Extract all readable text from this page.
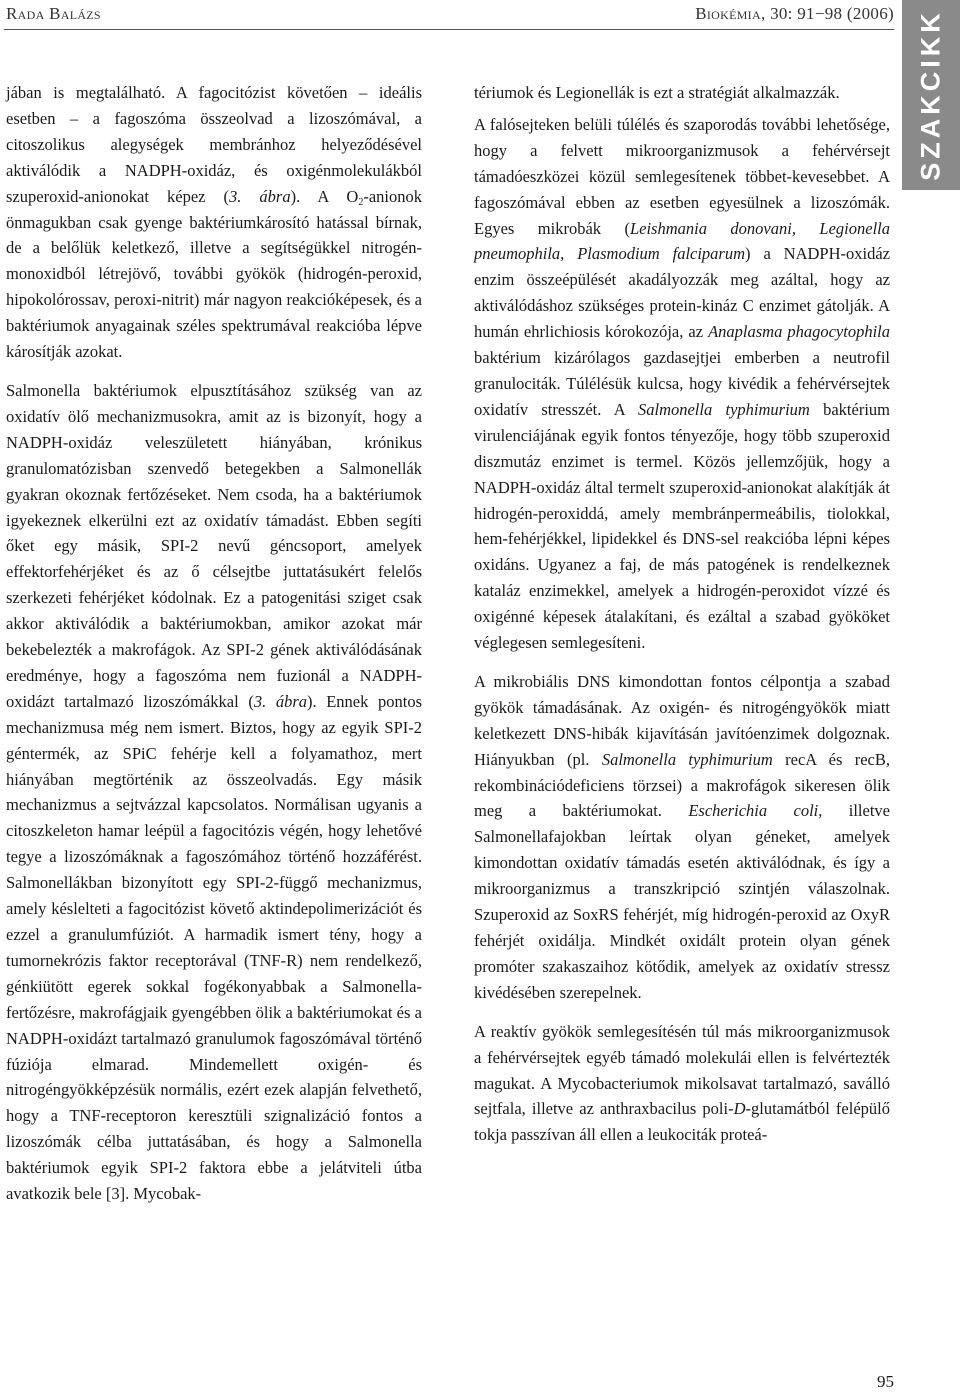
Rada Balázs	Biokémia, 30: 91−98 (2006) SZAKCIKK

jában is megtalálható. A fagocitózist követően – ideális esetben – a fagoszóma összeolvad a lizoszómával, a citoszolikus alegységek membránhoz helyeződésével aktiválódik a NADPH-oxidáz, és oxigénmolekulákból szuperoxid-anionokat képez (3. ábra). A $O_2$-anionok önmagukban csak gyenge baktériumkárosító hatással bírnak, de a belőlük keletkező, illetve a segítségükkel nitrogén-monoxidból létrejövő, további gyökök (hidrogén-peroxid, hipokolórossav, peroxi-nitrit) már nagyon reakcióképesek, és a baktériumok anyagainak széles spektrumával reakcióba lépve károsítják azokat.

Salmonella baktériumok elpusztításához szükség van az oxidatív ölő mechanizmusokra, amit az is bizonyít, hogy a NADPH-oxidáz veleszületett hiányában, krónikus granulomatózisban szenvedő betegekben a Salmonellák gyakran okoznak fertőzéseket. Nem csoda, ha a baktériumok igyekeznek elkerülni ezt az oxidatív támadást. Ebben segíti őket egy másik, SPI-2 nevű géncsoport, amelyek effektorfehérjéket és az ő célsejtbe juttatásukért felelős szerkezeti fehérjéket kódolnak. Ez a patogenitási sziget csak akkor aktiválódik a baktériumokban, amikor azokat már bekebelezték a makrofágok. Az SPI-2 gének aktiválódásának eredménye, hogy a fagoszóma nem fuzionál a NADPH-oxidázt tartalmazó lizoszómákkal (3. ábra). Ennek pontos mechanizmusa még nem ismert. Biztos, hogy az egyik SPI-2 géntermék, az SPiC fehérje kell a folyamathoz, mert hiányában megtörténik az összeolvadás. Egy másik mechanizmus a sejtvázzal kapcsolatos. Normálisan ugyanis a citoszkeleton hamar leépül a fagocitózis végén, hogy lehetővé tegye a lizoszómáknak a fagoszómához történő hozzáférést. Salmonellákban bizonyított egy SPI-2-függő mechanizmus, amely késlelteti a fagocitózist követő aktindepolimerizációt és ezzel a granulumfúziót. A harmadik ismert tény, hogy a tumornekrózis faktor receptorával (TNF-R) nem rendelkező, génkiütött egerek sokkal fogékonyabbak a Salmonella-fertőzésre, makrofágjaik gyengébben ölik a baktériumokat és a NADPH-oxidázt tartalmazó granulumok fagoszómával történő fúziója elmarad. Mindemellett oxigén- és nitrogéngyökképzésük normális, ezért ezek alapján felvethető, hogy a TNF-receptoron keresztüli szignalizáció fontos a lizoszómák célba juttatásában, és hogy a Salmonella baktériumok egyik SPI-2 faktora ebbe a jelátviteli útba avatkozik bele [3]. Mycobak-

tériumok és Legionellák is ezt a stratégiát alkalmazzák.

A falósejteken belüli túlélés és szaporodás további lehetősége, hogy a felvett mikroorganizmusok a fehérvérsejt támadóeszközei közül semlegesítenek többet-kevesebbet. A fagoszómával ebben az esetben egyesülnek a lizoszómák. Egyes mikrobák (Leishmania donovani, Legionella pneumophila, Plasmodium falciparum) a NADPH-oxidáz enzim összeépülését akadályozzák meg azáltal, hogy az aktiválódáshoz szükséges protein-kináz C enzimet gátolják. A humán ehrlichiosis kórokozója, az Anaplasma phagocytophila baktérium kizárólagos gazdasejtjei emberben a neutrofil granulociták. Túlélésük kulcsa, hogy kivédik a fehérvérsejtek oxidatív stresszét. A Salmonella typhimurium baktérium virulenciájának egyik fontos tényezője, hogy több szuperoxid diszmutáz enzimet is termel. Közös jellemzőjük, hogy a NADPH-oxidáz által termelt szuperoxid-anionokat alakítják át hidrogén-peroxiddá, amely membránpermeábilis, tiolokkal, hem-fehérjékkel, lipidekkel és DNS-sel reakcióba lépni képes oxidáns. Ugyanez a faj, de más patogének is rendelkeznek kataláz enzimekkel, amelyek a hidrogén-peroxidot vízzé és oxigénné képesek átalakítani, és ezáltal a szabad gyököket véglegesen semlegesíteni.

A mikrobiális DNS kimondottan fontos célpontja a szabad gyökök támadásának. Az oxigén- és nitrogéngyökök miatt keletkezett DNS-hibák kijavításán javítóenzimek dolgoznak. Hiányukban (pl. Salmonella typhimurium recA és recB, rekombinációdeficiens törzsei) a makrofágok sikeresen ölik meg a baktériumokat. Escherichia coli, illetve Salmonellafajokban leírtak olyan géneket, amelyek kimondottan oxidatív támadás esetén aktiválódnak, és így a mikroorganizmus a transzkripció szintjén válaszolnak. Szuperoxid az SoxRS fehérjét, míg hidrogén-peroxid az OxyR fehérjét oxidálja. Mindkét oxidált protein olyan gének promóter szakaszaihoz kötődik, amelyek az oxidatív stressz kivédésében szerepelnek.

A reaktív gyökök semlegesítésén túl más mikroorganizmusok a fehérvérsejtek egyéb támadó molekulái ellen is felvértezték magukat. A Mycobacteriumok mikolsavat tartalmazó, saválló sejtfala, illetve az anthraxbacilus poli-D-glutamátból felépülő tokja passzívan áll ellen a leukociták proteá-

95
